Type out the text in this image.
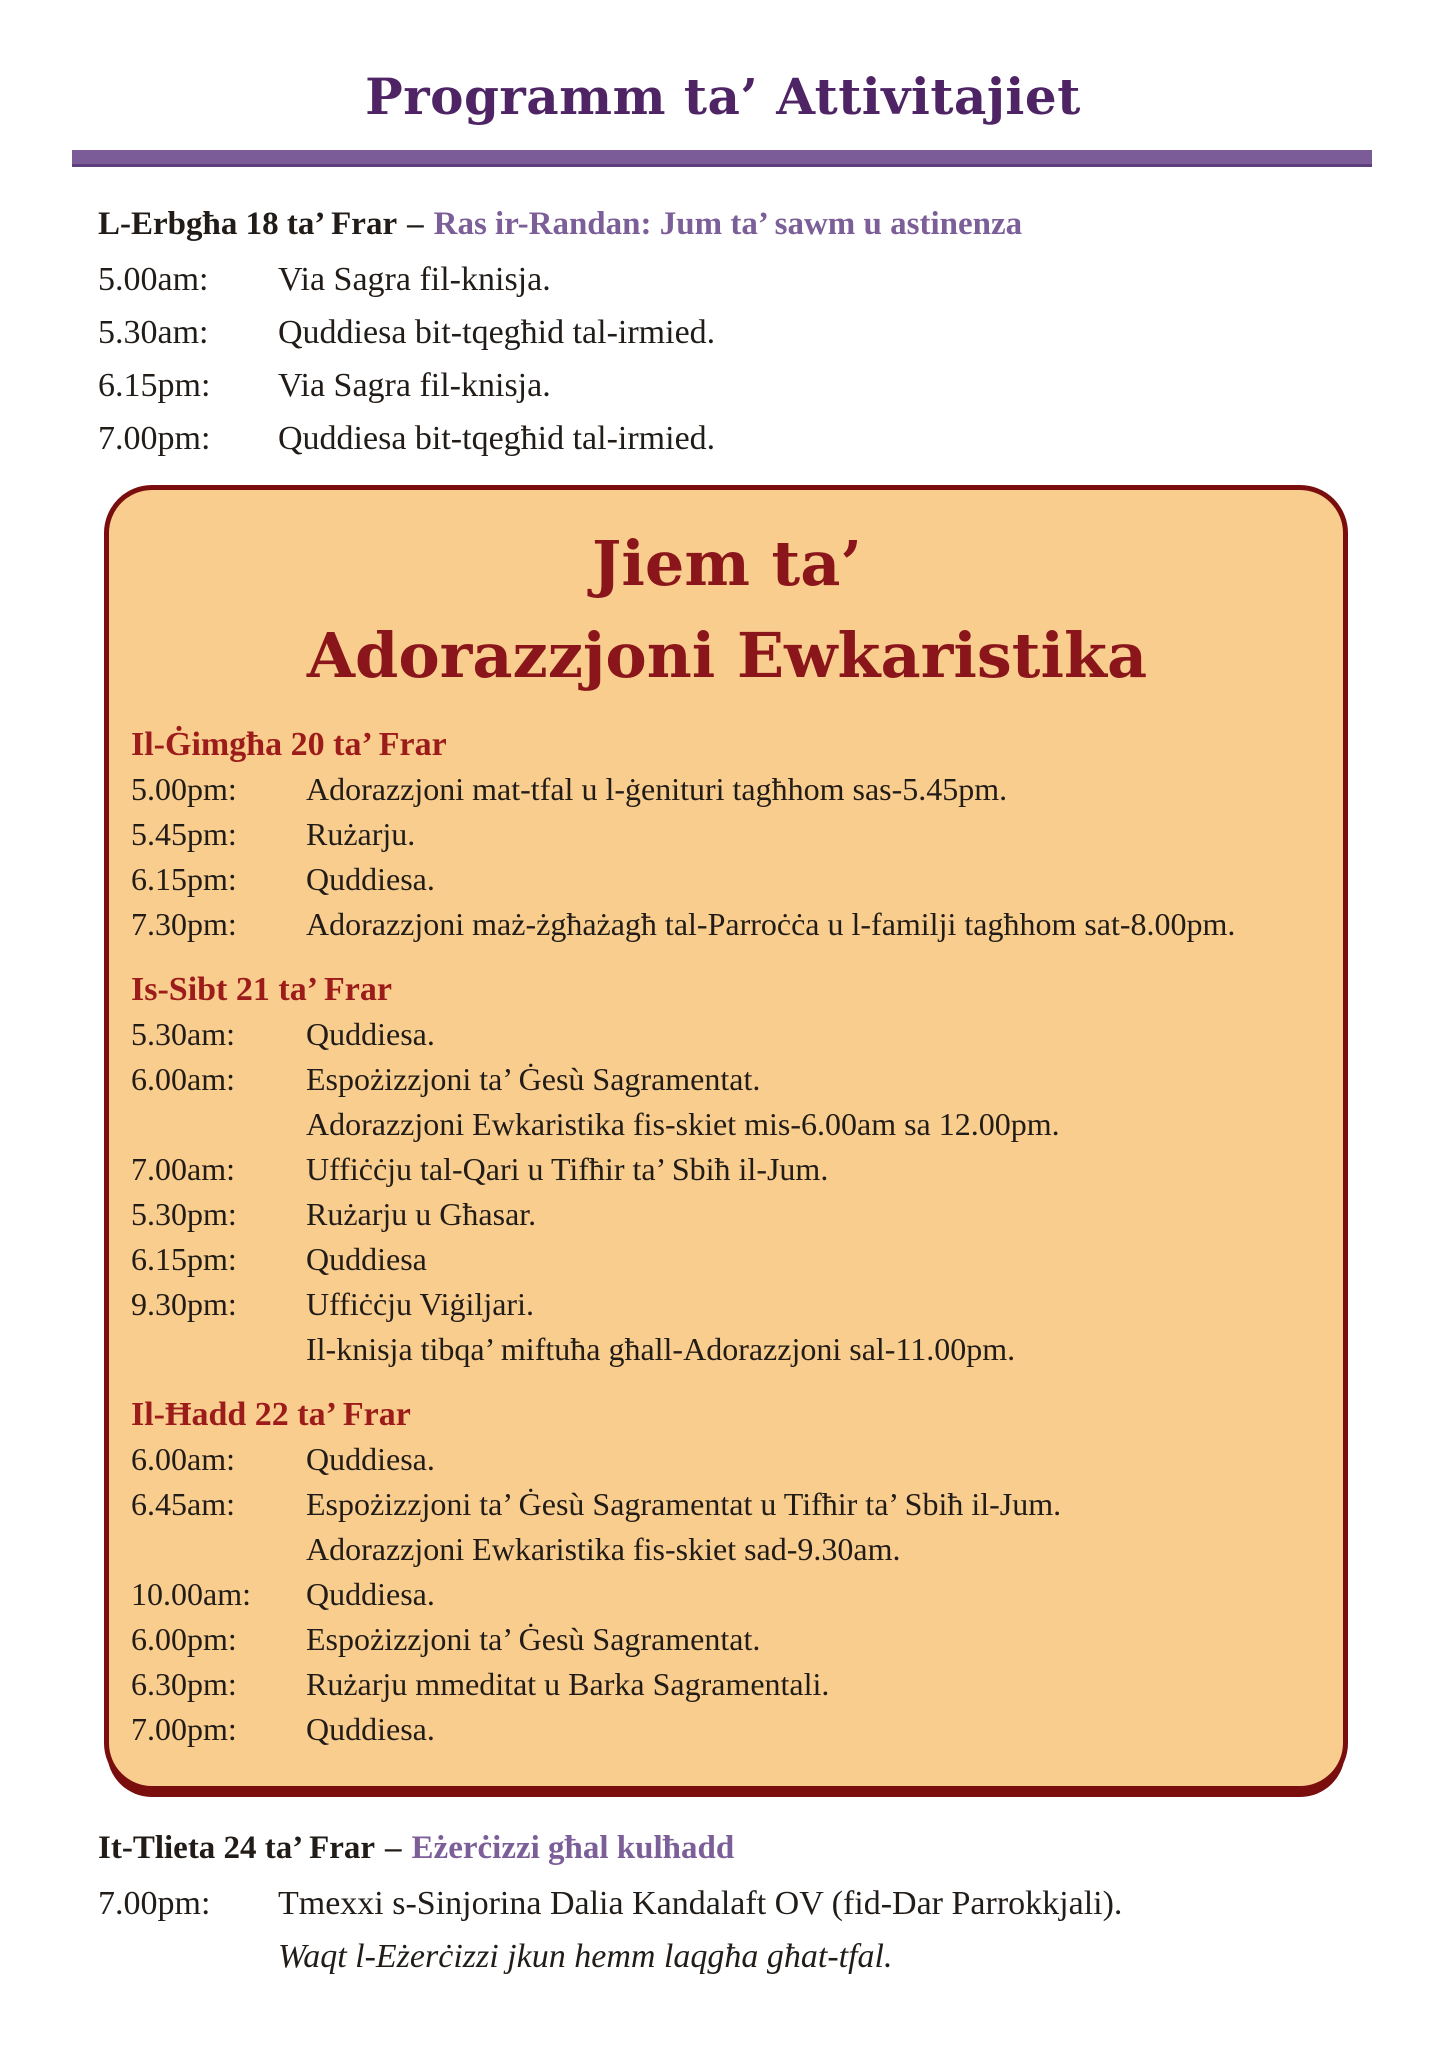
Programm ta’ Attivitajiet
L-Erbgħa 18 ta’ Frar – Ras ir-Randan: Jum ta’ sawm u astinenza
5.00am:	Via Sagra fil-knisja.
5.30am:	Quddiesa bit-tqegħid tal-irmied.
6.15pm:	Via Sagra fil-knisja.
7.00pm:	Quddiesa bit-tqegħid tal-irmied.
Jiem ta’
Adorazzjoni Ewkaristika
Il-Ġimgħa 20 ta’ Frar
5.00pm:	Adorazzjoni mat-tfal u l-ġenituri tagħhom sas-5.45pm.
5.45pm:	Rużarju.
6.15pm:	Quddiesa.
7.30pm:	Adorazzjoni maż-żgħażagħ tal-Parroċċa u l-familji tagħhom sat-8.00pm.
Is-Sibt 21 ta’ Frar
5.30am:	Quddiesa.
6.00am:	Espożizzjoni ta’ Ġesù Sagramentat.
Adorazzjoni Ewkaristika fis-skiet mis-6.00am sa 12.00pm.
7.00am:	Uffiċċju tal-Qari u Tifħir ta’ Sbiħ il-Jum.
5.30pm:	Rużarju u Għasar.
6.15pm:	Quddiesa
9.30pm:	Uffiċċju Viġiljari.
Il-knisja tibqa’ miftuħa għall-Adorazzjoni sal-11.00pm.
Il-Ħadd 22 ta’ Frar
6.00am:	Quddiesa.
6.45am:	Espożizzjoni ta’ Ġesù Sagramentat u Tifħir ta’ Sbiħ il-Jum.
Adorazzjoni Ewkaristika fis-skiet sad-9.30am.
10.00am:	Quddiesa.
6.00pm:	Espożizzjoni ta’ Ġesù Sagramentat.
6.30pm:	Rużarju mmeditat u Barka Sagramentali.
7.00pm:	Quddiesa.
It-Tlieta 24 ta’ Frar – Eżerċizzi għal kulħadd
7.00pm:	Tmexxi s-Sinjorina Dalia Kandalaft OV (fid-Dar Parrokkjali).
Waqt l-Eżerċizzi jkun hemm laqgħa għat-tfal.
